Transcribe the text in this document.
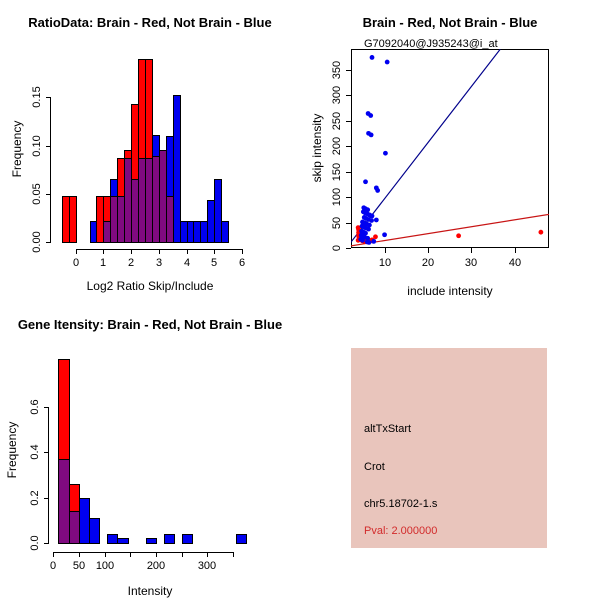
RatioData: Brain - Red, Not Brain - Blue	Brain - Red, Not Brain - Blue
Gene Itensity: Brain - Red, Not Brain - Blue
Log2 Ratio Skip/Include	include intensity
Intensity
Frequency	skip intensity
Frequency
0	1	2	3	4	5	6
0.00
0.05
0.10
0.15
10	20	30	40
0
50
100
150
200
250
300
350
0	50 100	200	300
0.0
0.2
0.4
0.6
G7092040@J935243@i_at
altTxStart
Crot
chr5.18702-1.s
Pval: 2.000000
